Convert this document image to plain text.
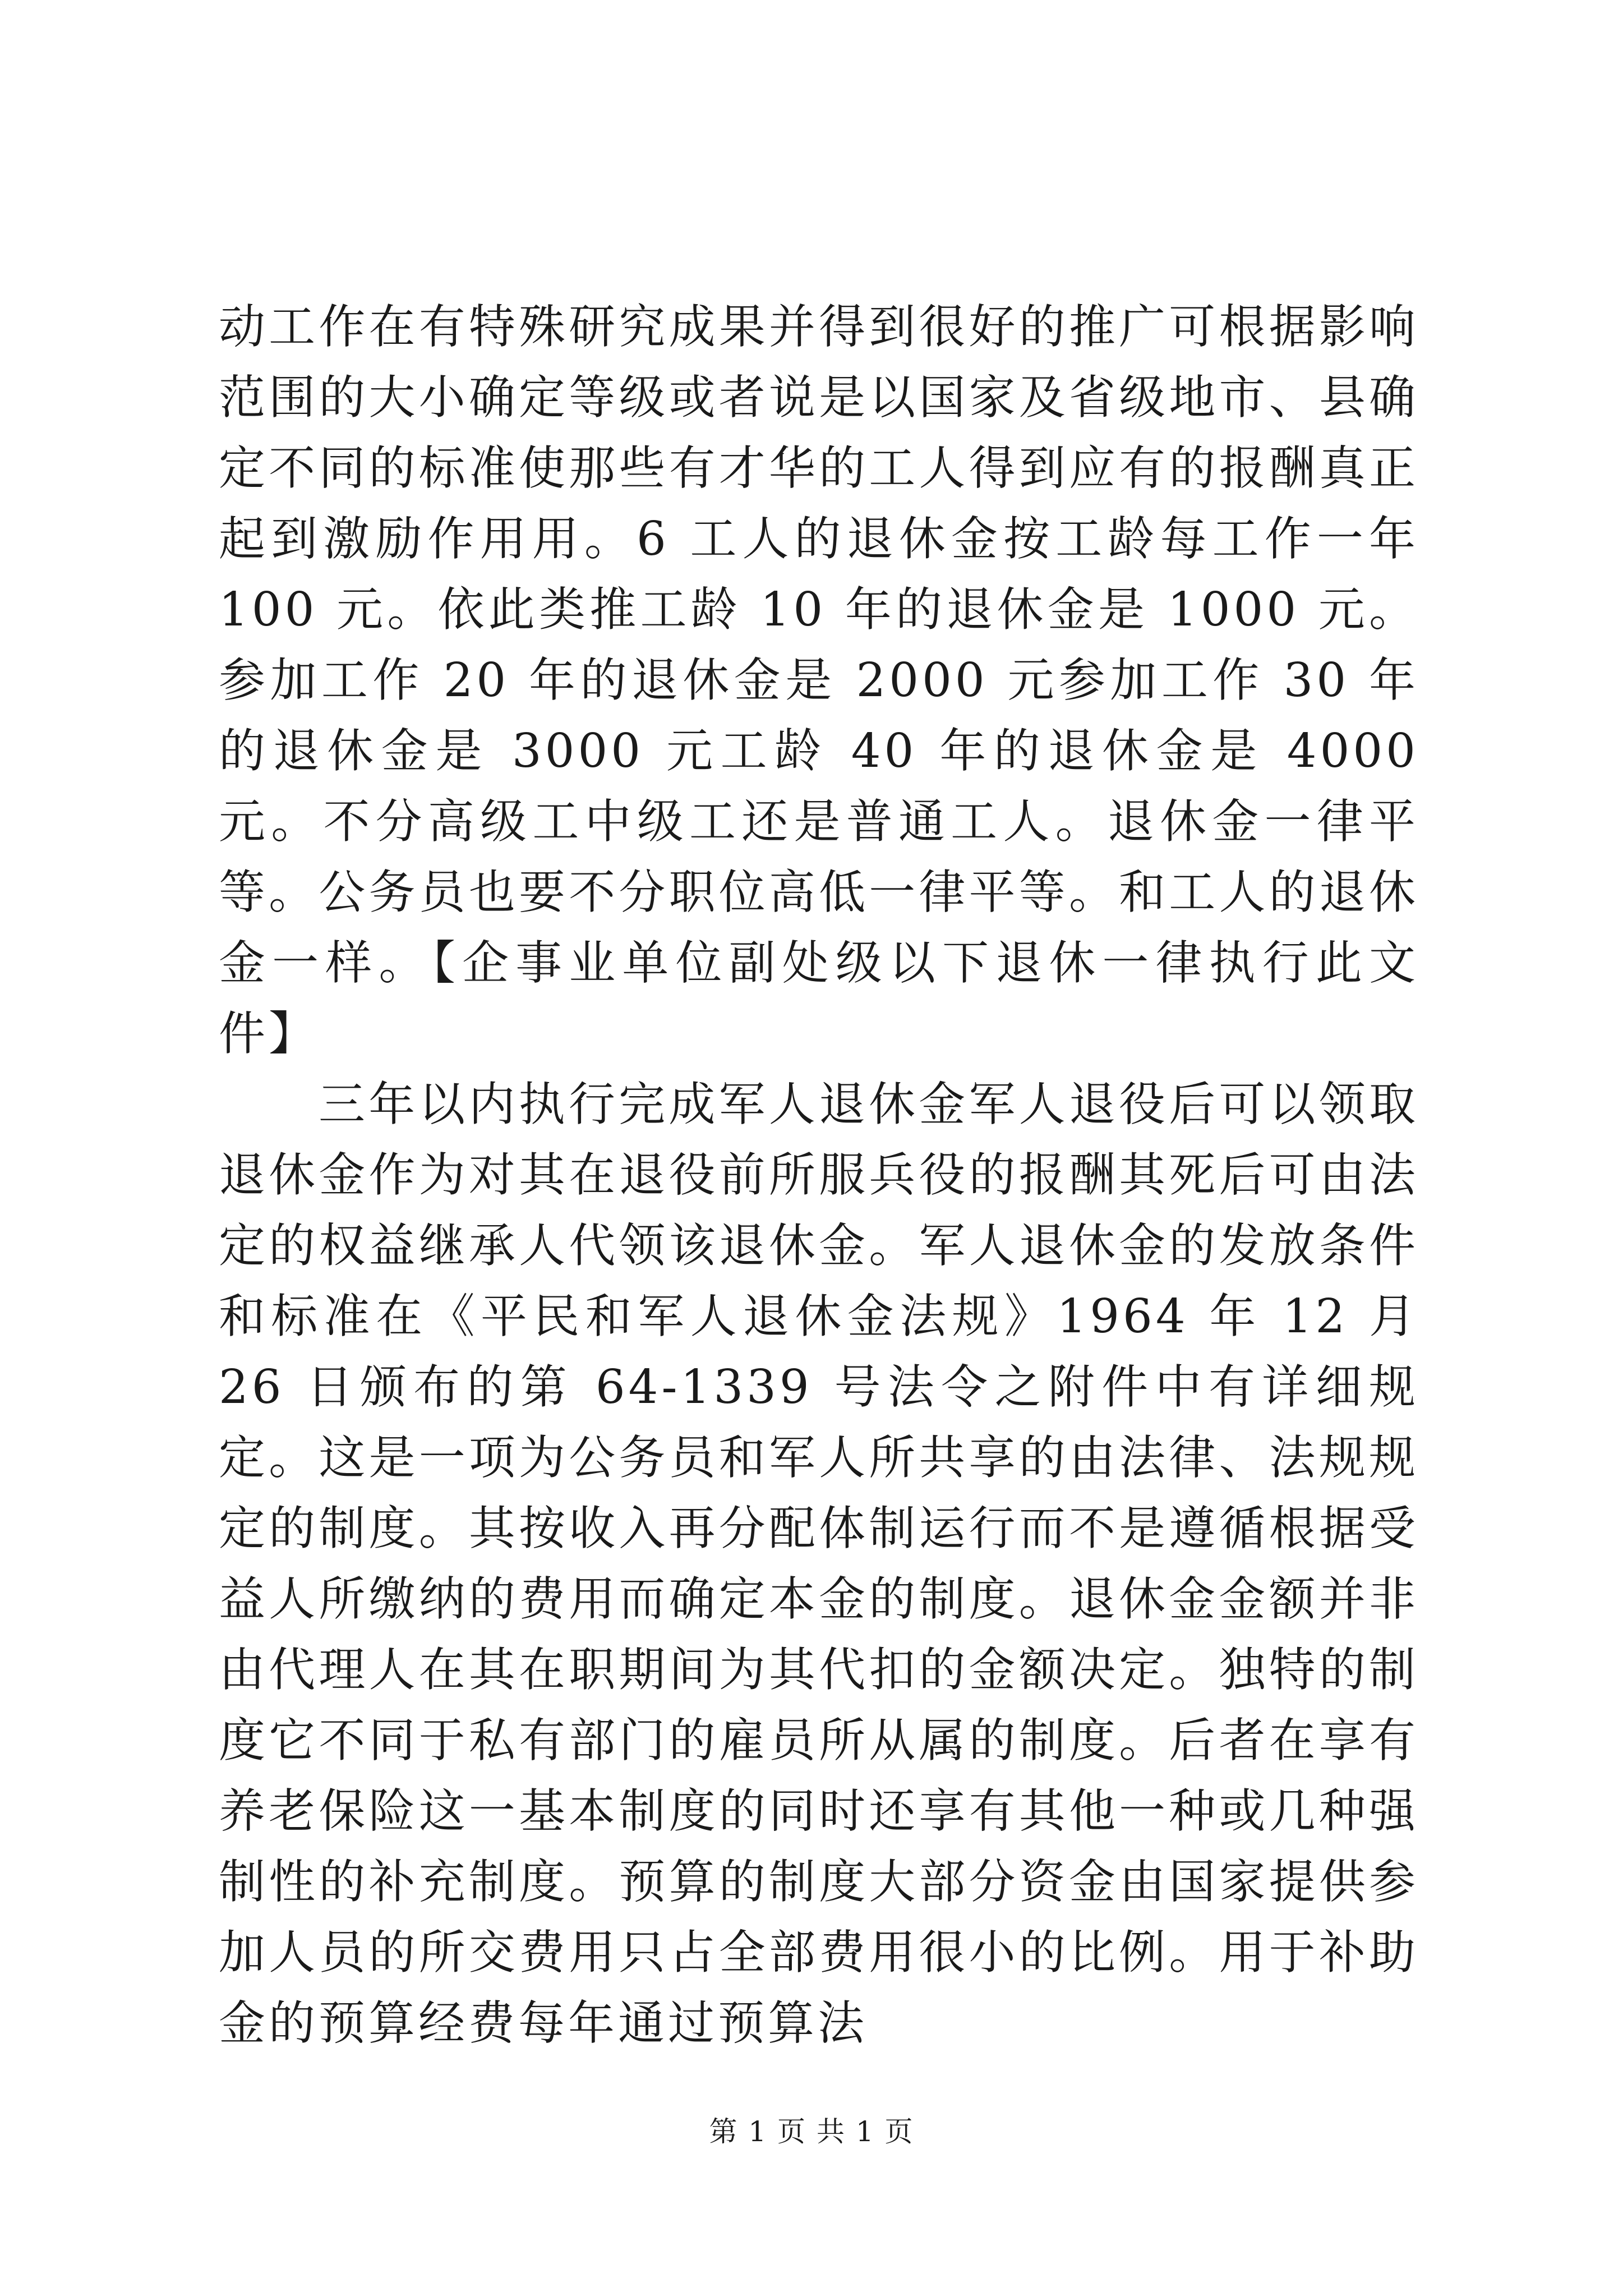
动工作在有特殊研究成果并得到很好的推广可根据影响范围的大小确定等级或者说是以国家及省级地市、县确定不同的标准使那些有才华的工人得到应有的报酬真正起到激励作用用。6 工人的退休金按工龄每工作一年 100 元。依此类推工龄 10 年的退休金是 1000 元。参加工作 20 年的退休金是 2000 元参加工作 30 年的退休金是 3000 元工龄 40 年的退休金是 4000 元。不分高级工中级工还是普通工人。退休金一律平等。公务员也要不分职位高低一律平等。和工人的退休金一样。【企事业单位副处级以下退休一律执行此文件】

三年以内执行完成军人退休金军人退役后可以领取退休金作为对其在退役前所服兵役的报酬其死后可由法定的权益继承人代领该退休金。军人退休金的发放条件和标准在《平民和军人退休金法规》1964 年 12 月 26 日颁布的第 64-1339 号法令之附件中有详细规定。这是一项为公务员和军人所共享的由法律、法规规定的制度。其按收入再分配体制运行而不是遵循根据受益人所缴纳的费用而确定本金的制度。退休金金额并非由代理人在其在职期间为其代扣的金额决定。独特的制度它不同于私有部门的雇员所从属的制度。后者在享有养老保险这一基本制度的同时还享有其他一种或几种强制性的补充制度。预算的制度大部分资金由国家提供参加人员的所交费用只占全部费用很小的比例。用于补助金的预算经费每年通过预算法

第 1 页 共 1 页
